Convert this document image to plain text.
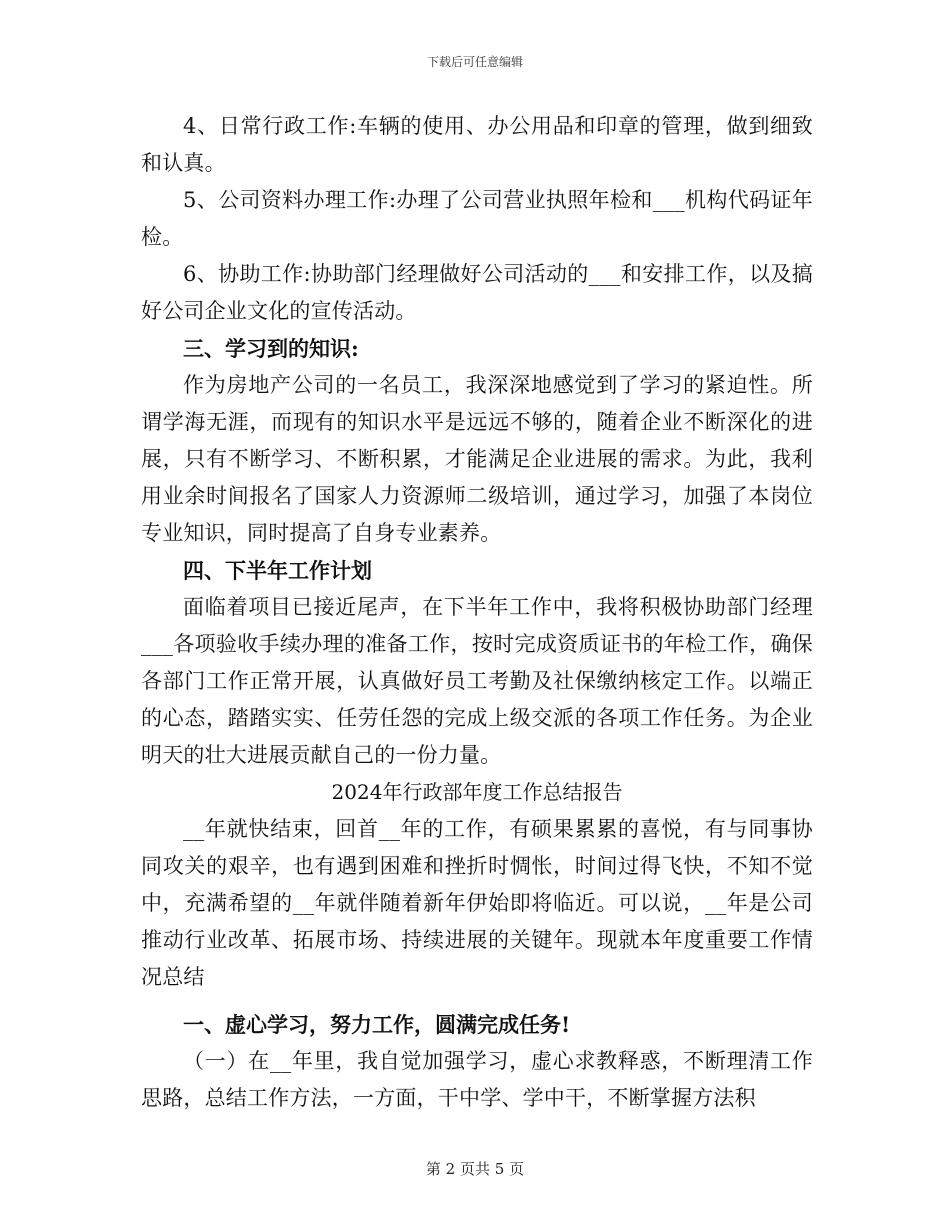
下载后可任意编辑

4、日常行政工作:车辆的使用、办公用品和印章的管理，做到细致和认真。

5、公司资料办理工作:办理了公司营业执照年检和___机构代码证年检。

6、协助工作:协助部门经理做好公司活动的___和安排工作，以及搞好公司企业文化的宣传活动。

三、学习到的知识:

作为房地产公司的一名员工，我深深地感觉到了学习的紧迫性。所谓学海无涯，而现有的知识水平是远远不够的，随着企业不断深化的进展，只有不断学习、不断积累，才能满足企业进展的需求。为此，我利用业余时间报名了国家人力资源师二级培训，通过学习，加强了本岗位专业知识，同时提高了自身专业素养。

四、下半年工作计划

面临着项目已接近尾声，在下半年工作中，我将积极协助部门经理___各项验收手续办理的准备工作，按时完成资质证书的年检工作，确保各部门工作正常开展，认真做好员工考勤及社保缴纳核定工作。以端正的心态，踏踏实实、任劳任怨的完成上级交派的各项工作任务。为企业明天的壮大进展贡献自己的一份力量。

2024年行政部年度工作总结报告

__年就快结束，回首__年的工作，有硕果累累的喜悦，有与同事协同攻关的艰辛，也有遇到困难和挫折时惆怅，时间过得飞快，不知不觉中，充满希望的__年就伴随着新年伊始即将临近。可以说，__年是公司推动行业改革、拓展市场、持续进展的关键年。现就本年度重要工作情况总结

一、虚心学习，努力工作，圆满完成任务!

（一）在__年里，我自觉加强学习，虚心求教释惑，不断理清工作思路，总结工作方法，一方面，干中学、学中干，不断掌握方法积

第 2 页共 5 页
